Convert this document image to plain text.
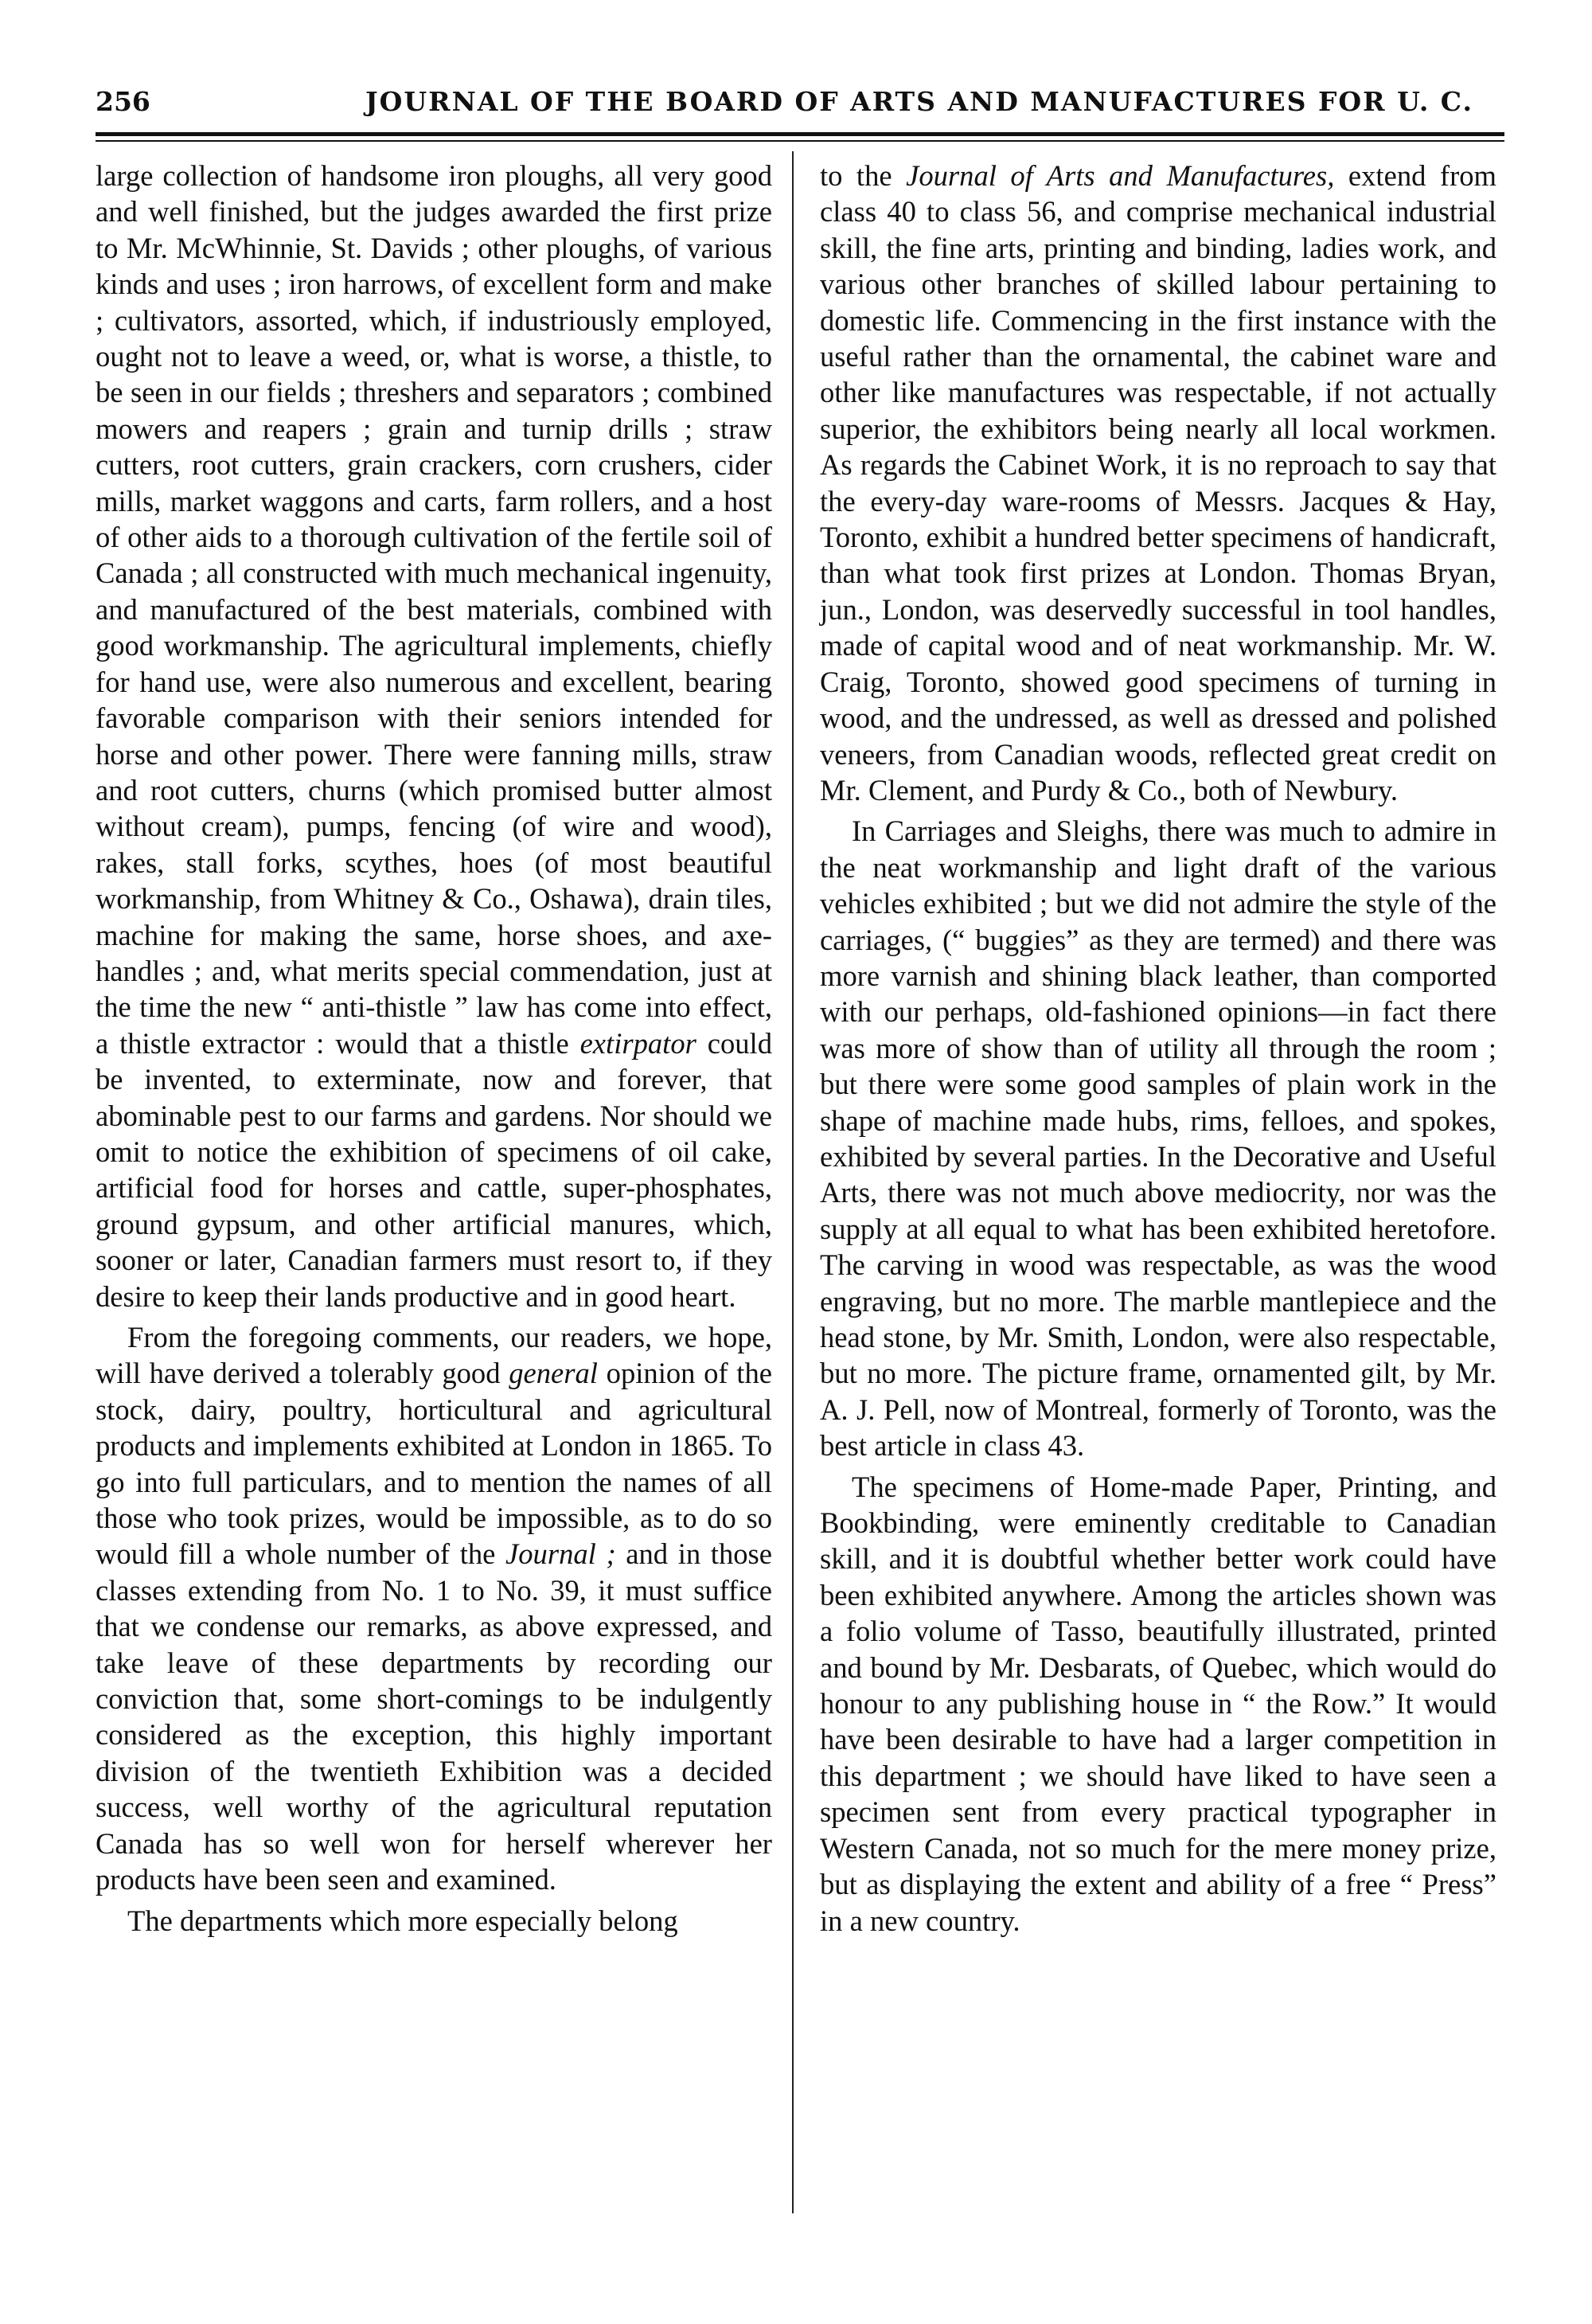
256	JOURNAL OF THE BOARD OF ARTS AND MANUFACTURES FOR U. C.

large collection of handsome iron ploughs, all very good and well finished, but the judges awarded the first prize to Mr. McWhinnie, St. Davids ; other ploughs, of various kinds and uses ; iron harrows, of excellent form and make ; cultivators, assorted, which, if industriously employed, ought not to leave a weed, or, what is worse, a thistle, to be seen in our fields ; threshers and separators ; combined mowers and reapers ; grain and turnip drills ; straw cutters, root cutters, grain crackers, corn crushers, cider mills, market waggons and carts, farm rollers, and a host of other aids to a thorough cultivation of the fertile soil of Canada ; all constructed with much mechanical ingenuity, and manufactured of the best materials, combined with good workmanship. The agricultural implements, chiefly for hand use, were also numerous and excellent, bearing favorable comparison with their seniors intended for horse and other power. There were fanning mills, straw and root cutters, churns (which promised butter almost without cream), pumps, fencing (of wire and wood), rakes, stall forks, scythes, hoes (of most beautiful workmanship, from Whitney & Co., Oshawa), drain tiles, machine for making the same, horse shoes, and axe-handles ; and, what merits special commendation, just at the time the new “ anti-thistle ” law has come into effect, a thistle extractor : would that a thistle extirpator could be invented, to exterminate, now and forever, that abominable pest to our farms and gardens. Nor should we omit to notice the exhibition of specimens of oil cake, artificial food for horses and cattle, super-phosphates, ground gypsum, and other artificial manures, which, sooner or later, Canadian farmers must resort to, if they desire to keep their lands productive and in good heart.

From the foregoing comments, our readers, we hope, will have derived a tolerably good general opinion of the stock, dairy, poultry, horticultural and agricultural products and implements exhibited at London in 1865. To go into full particulars, and to mention the names of all those who took prizes, would be impossible, as to do so would fill a whole number of the Journal ; and in those classes extending from No. 1 to No. 39, it must suffice that we condense our remarks, as above expressed, and take leave of these departments by recording our conviction that, some short-comings to be indulgently considered as the exception, this highly important division of the twentieth Exhibition was a decided success, well worthy of the agricultural reputation Canada has so well won for herself wherever her products have been seen and examined.

The departments which more especially belong

to the Journal of Arts and Manufactures, extend from class 40 to class 56, and comprise mechanical industrial skill, the fine arts, printing and binding, ladies work, and various other branches of skilled labour pertaining to domestic life. Commencing in the first instance with the useful rather than the ornamental, the cabinet ware and other like manufactures was respectable, if not actually superior, the exhibitors being nearly all local workmen. As regards the Cabinet Work, it is no reproach to say that the every-day ware-rooms of Messrs. Jacques & Hay, Toronto, exhibit a hundred better specimens of handicraft, than what took first prizes at London. Thomas Bryan, jun., London, was deservedly successful in tool handles, made of capital wood and of neat workmanship. Mr. W. Craig, Toronto, showed good specimens of turning in wood, and the undressed, as well as dressed and polished veneers, from Canadian woods, reflected great credit on Mr. Clement, and Purdy & Co., both of Newbury.

In Carriages and Sleighs, there was much to admire in the neat workmanship and light draft of the various vehicles exhibited ; but we did not admire the style of the carriages, (“ buggies” as they are termed) and there was more varnish and shining black leather, than comported with our perhaps, old-fashioned opinions—in fact there was more of show than of utility all through the room ; but there were some good samples of plain work in the shape of machine made hubs, rims, felloes, and spokes, exhibited by several parties. In the Decorative and Useful Arts, there was not much above mediocrity, nor was the supply at all equal to what has been exhibited heretofore. The carving in wood was respectable, as was the wood engraving, but no more. The marble mantlepiece and the head stone, by Mr. Smith, London, were also respectable, but no more. The picture frame, ornamented gilt, by Mr. A. J. Pell, now of Montreal, formerly of Toronto, was the best article in class 43.

The specimens of Home-made Paper, Printing, and Bookbinding, were eminently creditable to Canadian skill, and it is doubtful whether better work could have been exhibited anywhere. Among the articles shown was a folio volume of Tasso, beautifully illustrated, printed and bound by Mr. Desbarats, of Quebec, which would do honour to any publishing house in “ the Row.” It would have been desirable to have had a larger competition in this department ; we should have liked to have seen a specimen sent from every practical typographer in Western Canada, not so much for the mere money prize, but as displaying the extent and ability of a free “ Press” in a new country.
